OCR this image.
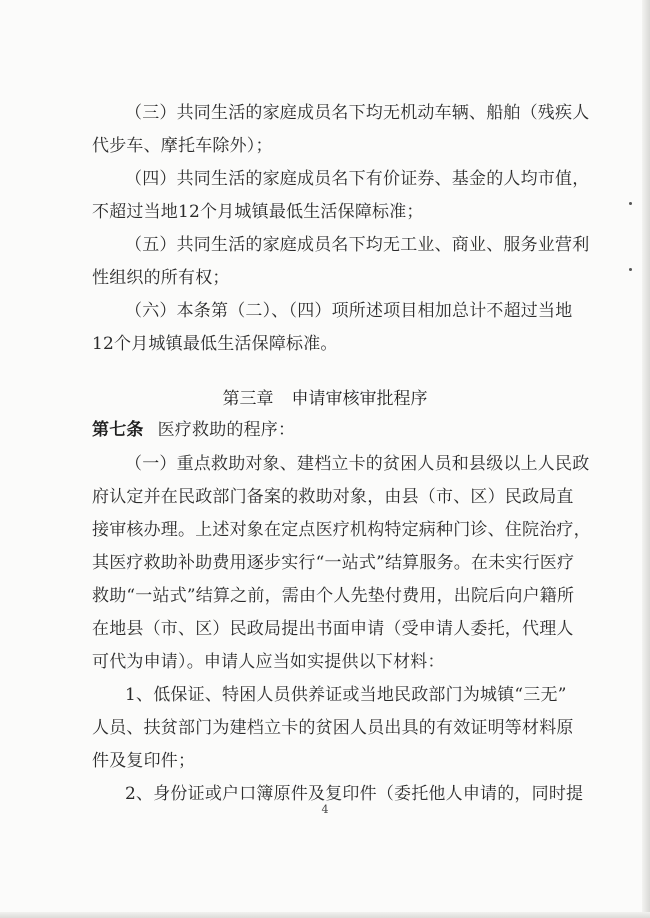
（三）共同生活的家庭成员名下均无机动车辆、船舶（残疾人
代步车、摩托车除外）；
（四）共同生活的家庭成员名下有价证券、基金的人均市值，
不超过当地12个月城镇最低生活保障标准；
（五）共同生活的家庭成员名下均无工业、商业、服务业营利
性组织的所有权；
（六）本条第（二）、（四）项所述项目相加总计不超过当地
12个月城镇最低生活保障标准。
第三章 申请审核审批程序
第七条 医疗救助的程序：
（一）重点救助对象、建档立卡的贫困人员和县级以上人民政
府认定并在民政部门备案的救助对象，由县（市、区）民政局直
接审核办理。上述对象在定点医疗机构特定病种门诊、住院治疗，
其医疗救助补助费用逐步实行“一站式”结算服务。在未实行医疗
救助“一站式”结算之前，需由个人先垫付费用，出院后向户籍所
在地县（市、区）民政局提出书面申请（受申请人委托，代理人
可代为申请）。申请人应当如实提供以下材料：
1、低保证、特困人员供养证或当地民政部门为城镇“三无”
人员、扶贫部门为建档立卡的贫困人员出具的有效证明等材料原
件及复印件；
2、身份证或户口簿原件及复印件（委托他人申请的，同时提
4
